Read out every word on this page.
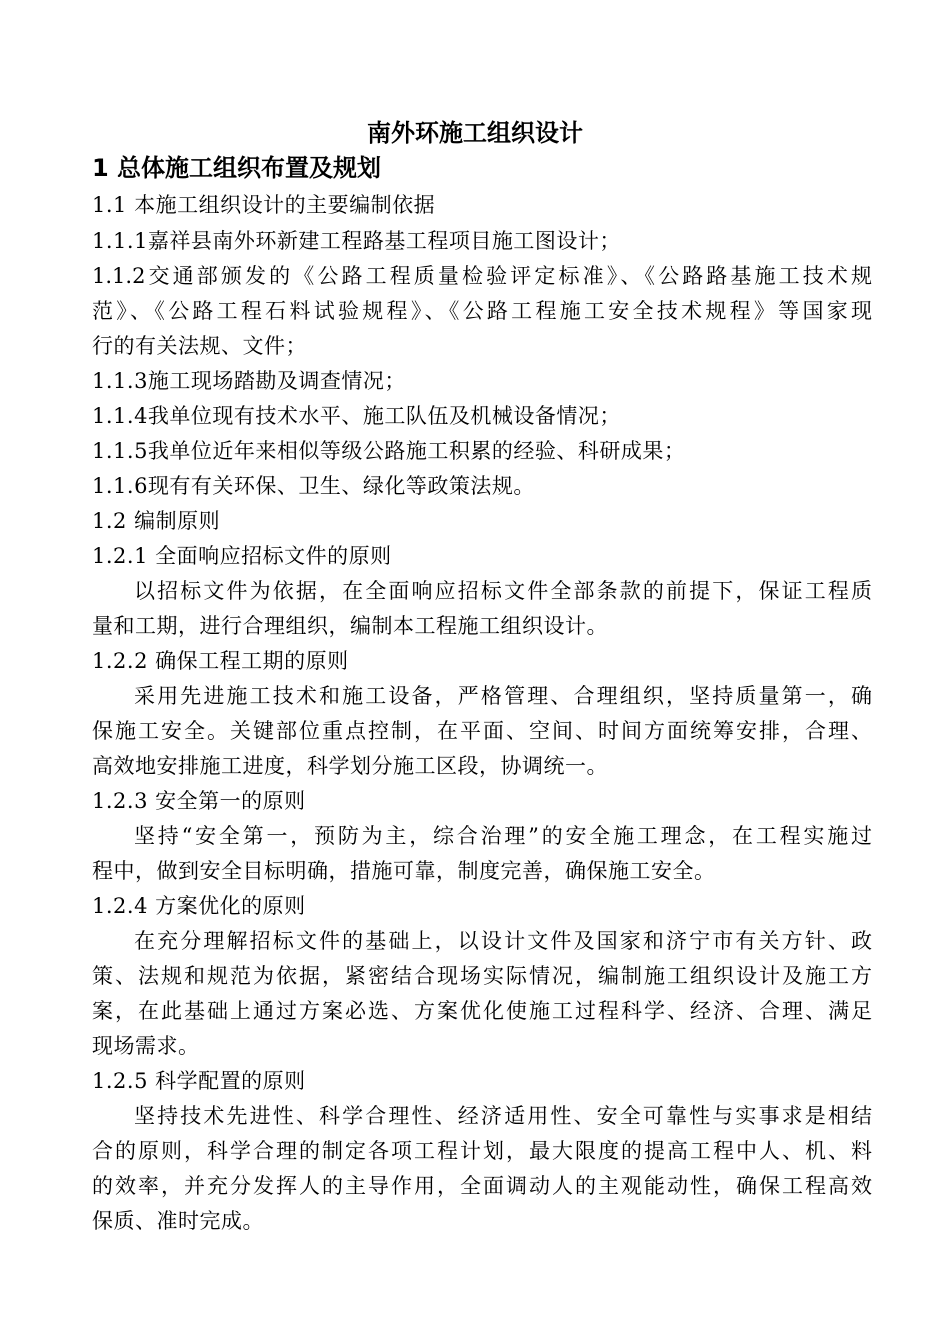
南外环施工组织设计
1 总体施工组织布置及规划
1.1 本施工组织设计的主要编制依据
1.1.1嘉祥县南外环新建工程路基工程项目施工图设计；
1.1.2交通部颁发的《公路工程质量检验评定标准》、《公路路基施工技术规
范》、《公路工程石料试验规程》、《公路工程施工安全技术规程》等国家现
行的有关法规、文件；
1.1.3施工现场踏勘及调查情况；
1.1.4我单位现有技术水平、施工队伍及机械设备情况；
1.1.5我单位近年来相似等级公路施工积累的经验、科研成果；
1.1.6现有有关环保、卫生、绿化等政策法规。
1.2 编制原则
1.2.1 全面响应招标文件的原则
以招标文件为依据，在全面响应招标文件全部条款的前提下，保证工程质
量和工期，进行合理组织，编制本工程施工组织设计。
1.2.2 确保工程工期的原则
采用先进施工技术和施工设备，严格管理、合理组织，坚持质量第一，确
保施工安全。关键部位重点控制，在平面、空间、时间方面统筹安排，合理、
高效地安排施工进度，科学划分施工区段，协调统一。
1.2.3 安全第一的原则
坚持“安全第一，预防为主，综合治理”的安全施工理念，在工程实施过
程中，做到安全目标明确，措施可靠，制度完善，确保施工安全。
1.2.4 方案优化的原则
在充分理解招标文件的基础上，以设计文件及国家和济宁市有关方针、政
策、法规和规范为依据，紧密结合现场实际情况，编制施工组织设计及施工方
案，在此基础上通过方案必选、方案优化使施工过程科学、经济、合理、满足
现场需求。
1.2.5 科学配置的原则
坚持技术先进性、科学合理性、经济适用性、安全可靠性与实事求是相结
合的原则，科学合理的制定各项工程计划，最大限度的提高工程中人、机、料
的效率，并充分发挥人的主导作用，全面调动人的主观能动性，确保工程高效
保质、准时完成。
